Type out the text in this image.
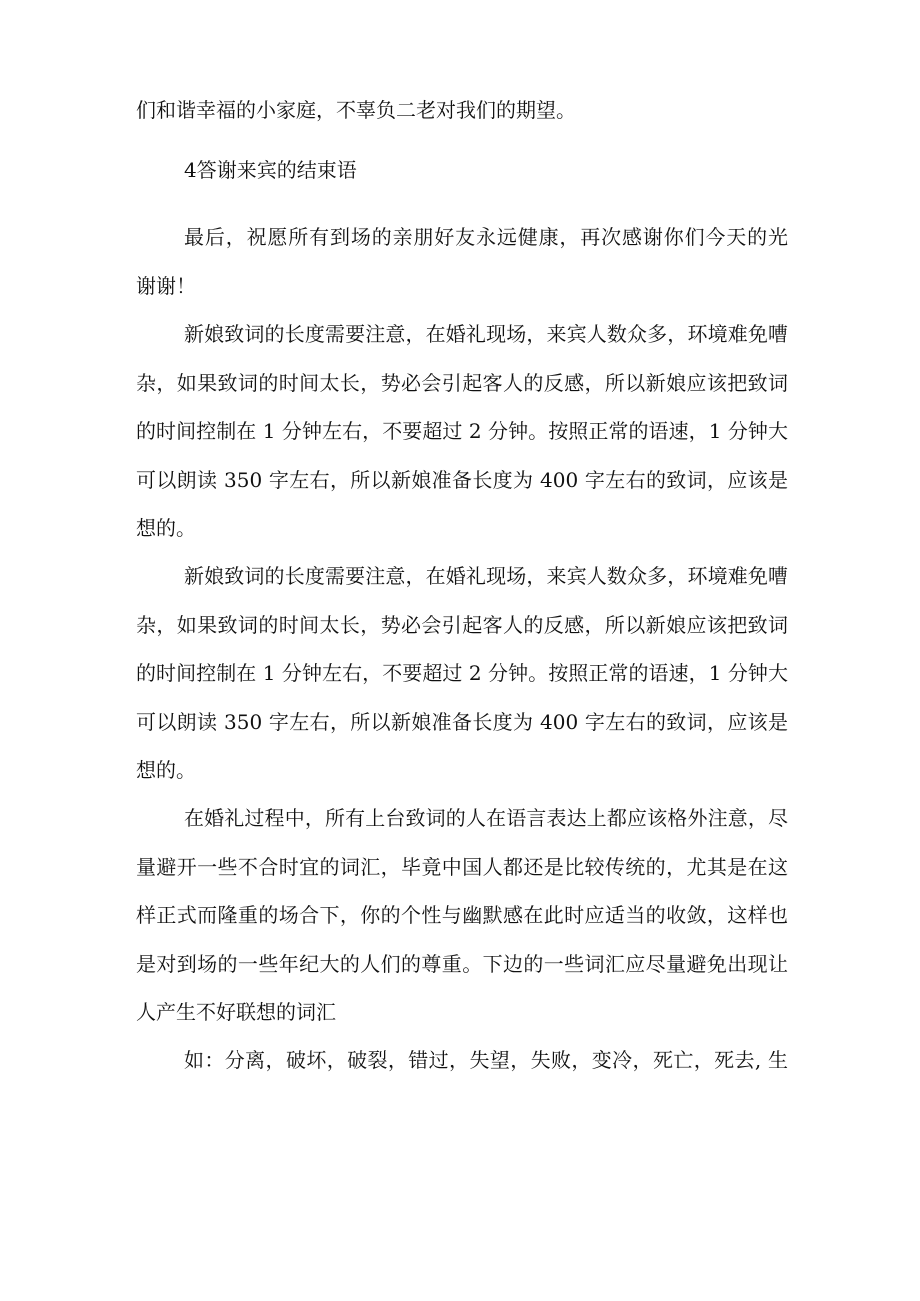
们和谐幸福的小家庭，不辜负二老对我们的期望。
4答谢来宾的结束语
最后，祝愿所有到场的亲朋好友永远健康，再次感谢你们今天的光
谢谢！
新娘致词的长度需要注意，在婚礼现场，来宾人数众多，环境难免嘈
杂，如果致词的时间太长，势必会引起客人的反感，所以新娘应该把致词
的时间控制在 1 分钟左右，不要超过 2 分钟。按照正常的语速，1 分钟大
可以朗读 350 字左右，所以新娘准备长度为 400 字左右的致词，应该是
想的。
新娘致词的长度需要注意，在婚礼现场，来宾人数众多，环境难免嘈
杂，如果致词的时间太长，势必会引起客人的反感，所以新娘应该把致词
的时间控制在 1 分钟左右，不要超过 2 分钟。按照正常的语速，1 分钟大
可以朗读 350 字左右，所以新娘准备长度为 400 字左右的致词，应该是
想的。
在婚礼过程中，所有上台致词的人在语言表达上都应该格外注意，尽
量避开一些不合时宜的词汇，毕竟中国人都还是比较传统的，尤其是在这
样正式而隆重的场合下，你的个性与幽默感在此时应适当的收敛，这样也
是对到场的一些年纪大的人们的尊重。下边的一些词汇应尽量避免出现让
人产生不好联想的词汇
如：分离，破坏，破裂，错过，失望，失败，变冷，死亡，死去, 生
